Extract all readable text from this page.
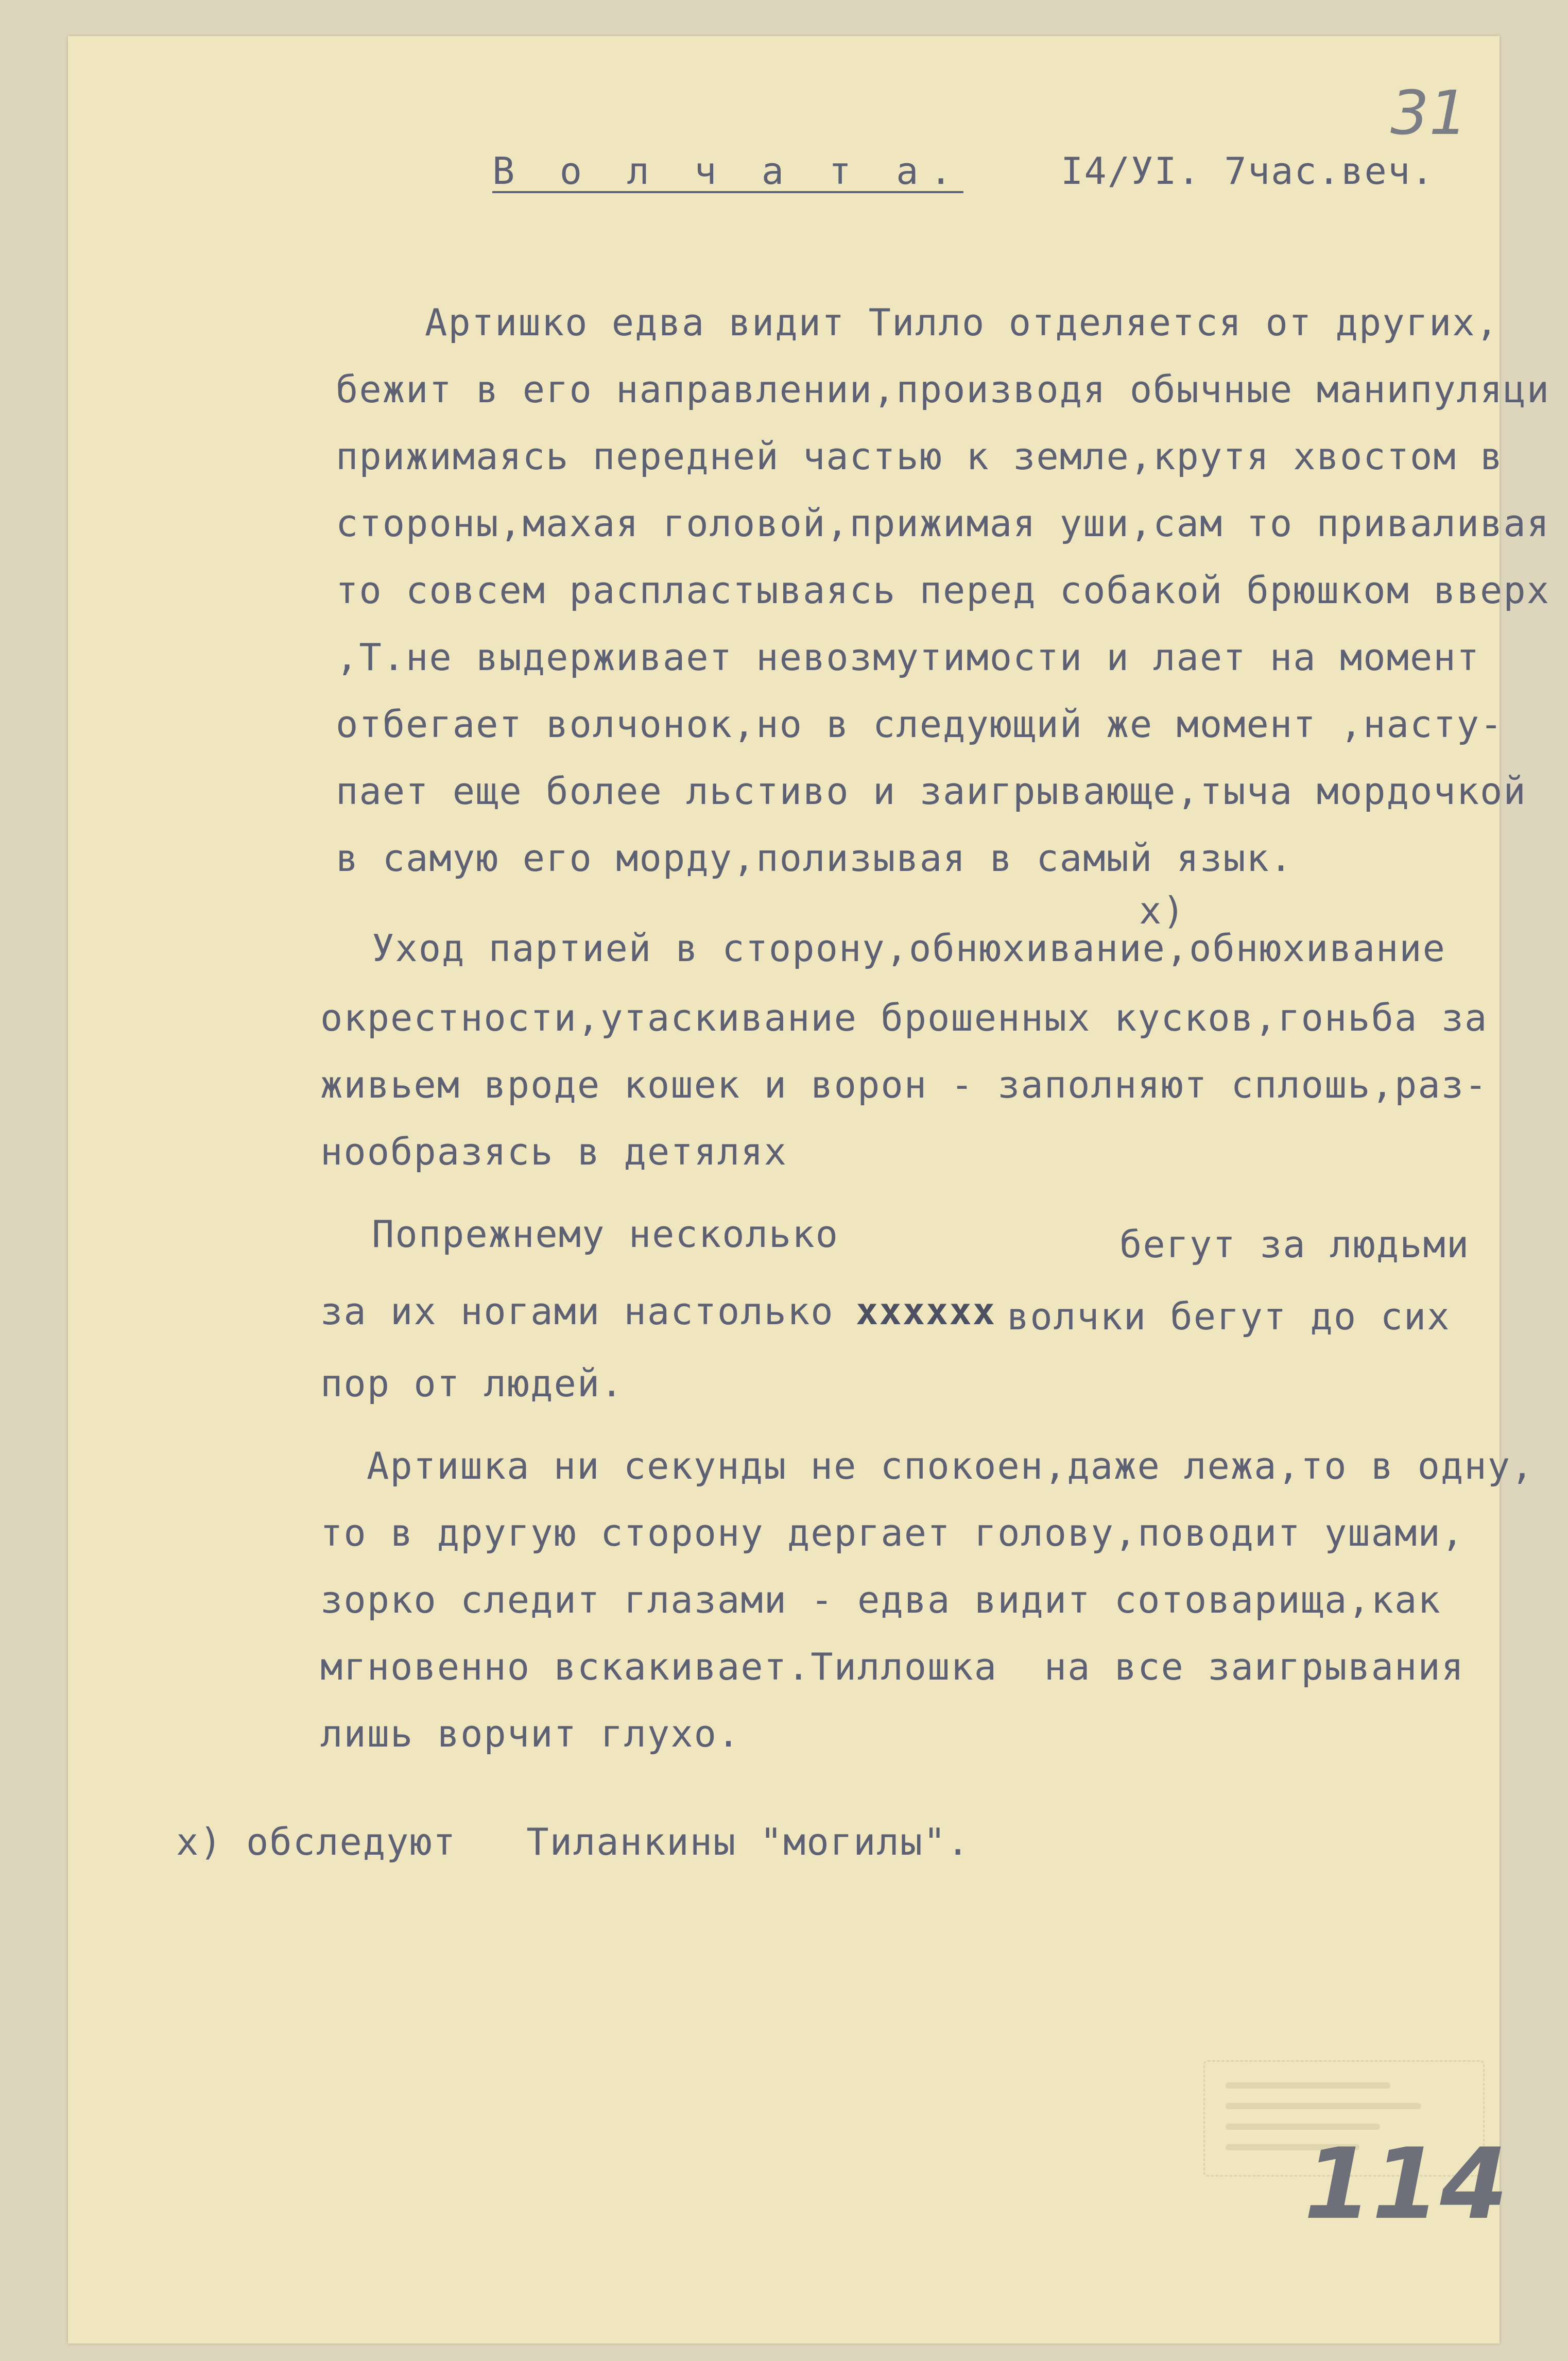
31
В о л ч а т а.	I4/УI. 7час.веч.
Артишко едва видит Тилло отделяется от других,
бежит в его направлении,производя обычные манипуляци
прижимаясь передней частью к земле,крутя хвостом в
стороны,махая головой,прижимая уши,сам то приваливая
то совсем распластываясь перед собакой брюшком вверх
,Т.не выдерживает невозмутимости и лает на момент
отбегает волчонок,но в следующий же момент ,насту-
пает еще более льстиво и заигрывающе,тыча мордочкой
в самую его морду,полизывая в самый язык.
x)
Уход партией в сторону,обнюхивание,обнюхивание
окрестности,утаскивание брошенных кусков,гоньба за
живьем вроде кошек и ворон - заполняют сплошь,раз-
нообразясь в детялях
Попрежнему несколько	бегут за людьми
за их ногами настолько хххххх волчки бегут до сих
пор от людей.
Артишка ни секунды не спокоен,даже лежа,то в одну,
то в другую сторону дергает голову,поводит ушами,
зорко следит глазами - едва видит сотоварища,как
мгновенно вскакивает.Тиллошка  на все заигрывания
лишь ворчит глухо.
x) обследуют   Тиланкины "могилы".
114
